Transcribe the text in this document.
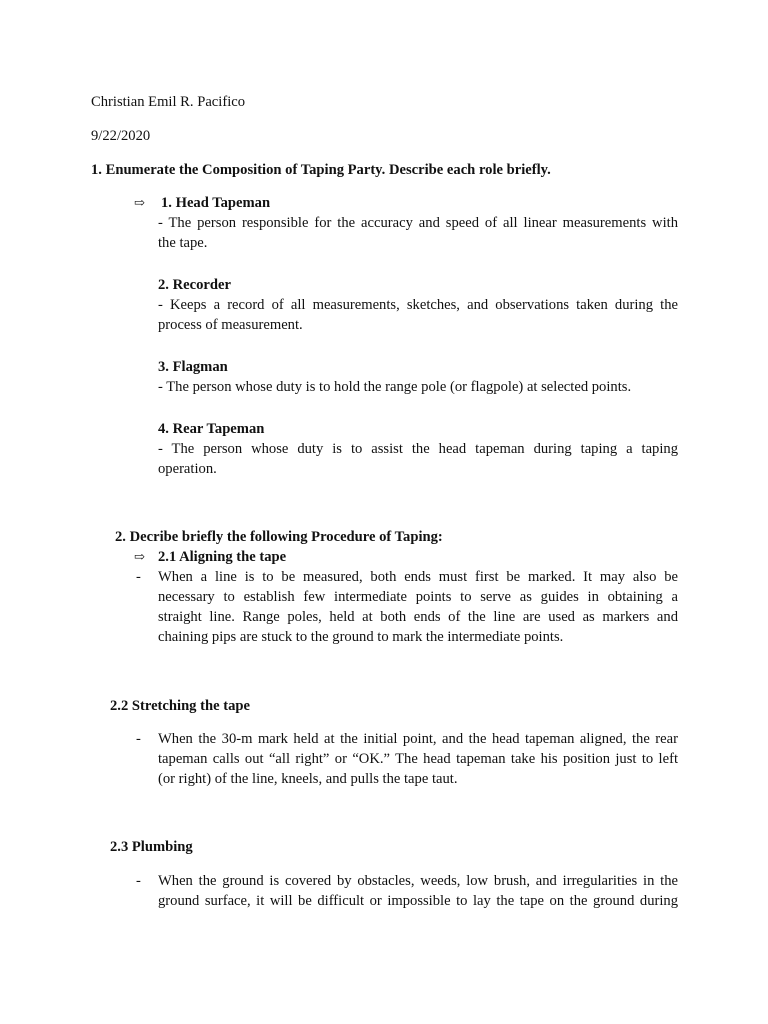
Christian Emil R. Pacifico
9/22/2020
1. Enumerate the Composition of Taping Party. Describe each role briefly.
⇨ 1. Head Tapeman
- The person responsible for the accuracy and speed of all linear measurements with
the tape.
2. Recorder
- Keeps a record of all measurements, sketches, and observations taken during the
process of measurement.
3. Flagman
- The person whose duty is to hold the range pole (or flagpole) at selected points.
4. Rear Tapeman
- The person whose duty is to assist the head tapeman during taping a taping
operation.
2. Decribe briefly the following Procedure of Taping:
⇨ 2.1 Aligning the tape
- When a line is to be measured, both ends must first be marked. It may also be
necessary to establish few intermediate points to serve as guides in obtaining a
straight line. Range poles, held at both ends of the line are used as markers and
chaining pips are stuck to the ground to mark the intermediate points.
2.2 Stretching the tape
- When the 30-m mark held at the initial point, and the head tapeman aligned, the rear
tapeman calls out “all right” or “OK.” The head tapeman take his position just to left
(or right) of the line, kneels, and pulls the tape taut.
2.3 Plumbing
- When the ground is covered by obstacles, weeds, low brush, and irregularities in the
ground surface, it will be difficult or impossible to lay the tape on the ground during
